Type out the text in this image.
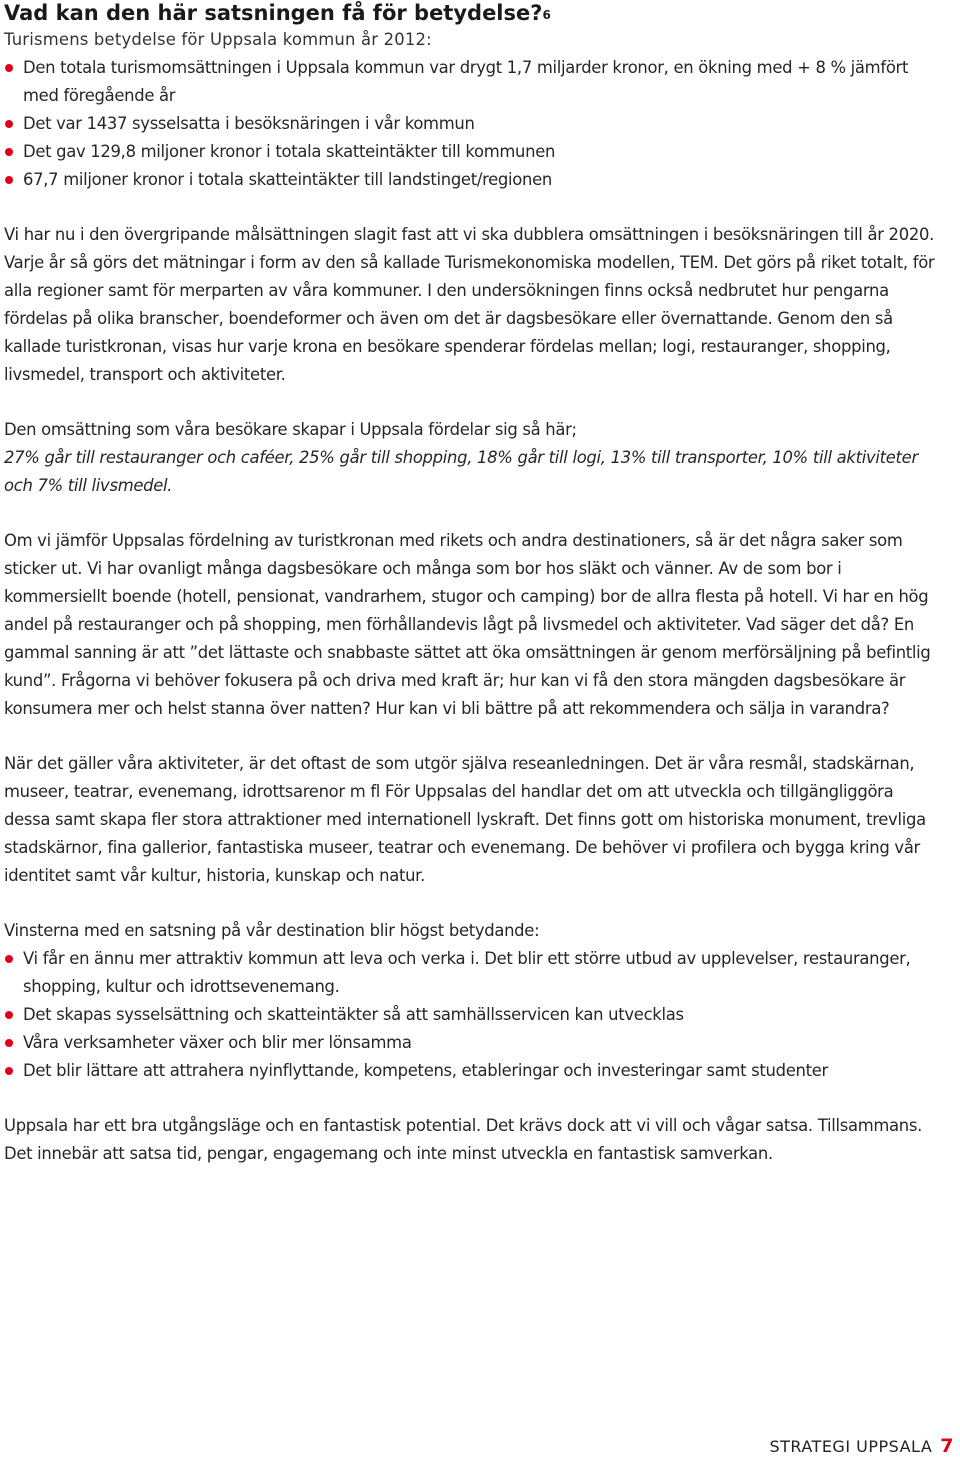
Vad kan den här satsningen få för betydelse?$^6$

Turismens betydelse för Uppsala kommun år 2012:

Den totala turismomsättningen i Uppsala kommun var drygt 1,7 miljarder kronor, en ökning med + 8 % jämfört med föregående år
Det var 1437 sysselsatta i besöksnäringen i vår kommun
Det gav 129,8 miljoner kronor i totala skatteintäkter till kommunen
67,7 miljoner kronor i totala skatteintäkter till landstinget/regionen

Vi har nu i den övergripande målsättningen slagit fast att vi ska dubblera omsättningen i besöksnäringen till år 2020. Varje år så görs det mätningar i form av den så kallade Turismekonomiska modellen, TEM. Det görs på riket totalt, för alla regioner samt för merparten av våra kommuner. I den undersökningen finns också nedbrutet hur pengarna fördelas på olika branscher, boendeformer och även om det är dagsbesökare eller övernattande. Genom den så kallade turistkronan, visas hur varje krona en besökare spenderar fördelas mellan; logi, restauranger, shopping, livsmedel, transport och aktiviteter.

Den omsättning som våra besökare skapar i Uppsala fördelar sig så här;

27% går till restauranger och caféer, 25% går till shopping, 18% går till logi, 13% till transporter, 10% till aktiviteter och 7% till livsmedel.

Om vi jämför Uppsalas fördelning av turistkronan med rikets och andra destinationers, så är det några saker som sticker ut. Vi har ovanligt många dagsbesökare och många som bor hos släkt och vänner. Av de som bor i kommersiellt boende (hotell, pensionat, vandrarhem, stugor och camping) bor de allra flesta på hotell. Vi har en hög andel på restauranger och på shopping, men förhållandevis lågt på livsmedel och aktiviteter. Vad säger det då? En gammal sanning är att ”det lättaste och snabbaste sättet att öka omsättningen är genom merförsäljning på befintlig kund”. Frågorna vi behöver fokusera på och driva med kraft är; hur kan vi få den stora mängden dagsbesökare är konsumera mer och helst stanna över natten? Hur kan vi bli bättre på att rekommendera och sälja in varandra?

När det gäller våra aktiviteter, är det oftast de som utgör själva reseanledningen. Det är våra resmål, stadskärnan, museer, teatrar, evenemang, idrottsarenor m fl För Uppsalas del handlar det om att utveckla och tillgängliggöra dessa samt skapa fler stora attraktioner med internationell lyskraft. Det finns gott om historiska monument, trevliga stadskärnor, fina gallerior, fantastiska museer, teatrar och evenemang. De behöver vi profilera och bygga kring vår identitet samt vår kultur, historia, kunskap och natur.

Vinsterna med en satsning på vår destination blir högst betydande:

Vi får en ännu mer attraktiv kommun att leva och verka i. Det blir ett större utbud av upplevelser, restauranger, shopping, kultur och idrottsevenemang.
Det skapas sysselsättning och skatteintäkter så att samhällsservicen kan utvecklas
Våra verksamheter växer och blir mer lönsamma
Det blir lättare att attrahera nyinflyttande, kompetens, etableringar och investeringar samt studenter

Uppsala har ett bra utgångsläge och en fantastisk potential. Det krävs dock att vi vill och vågar satsa. Tillsammans. Det innebär att satsa tid, pengar, engagemang och inte minst utveckla en fantastisk samverkan.

STRATEGI UPPSALA 7
